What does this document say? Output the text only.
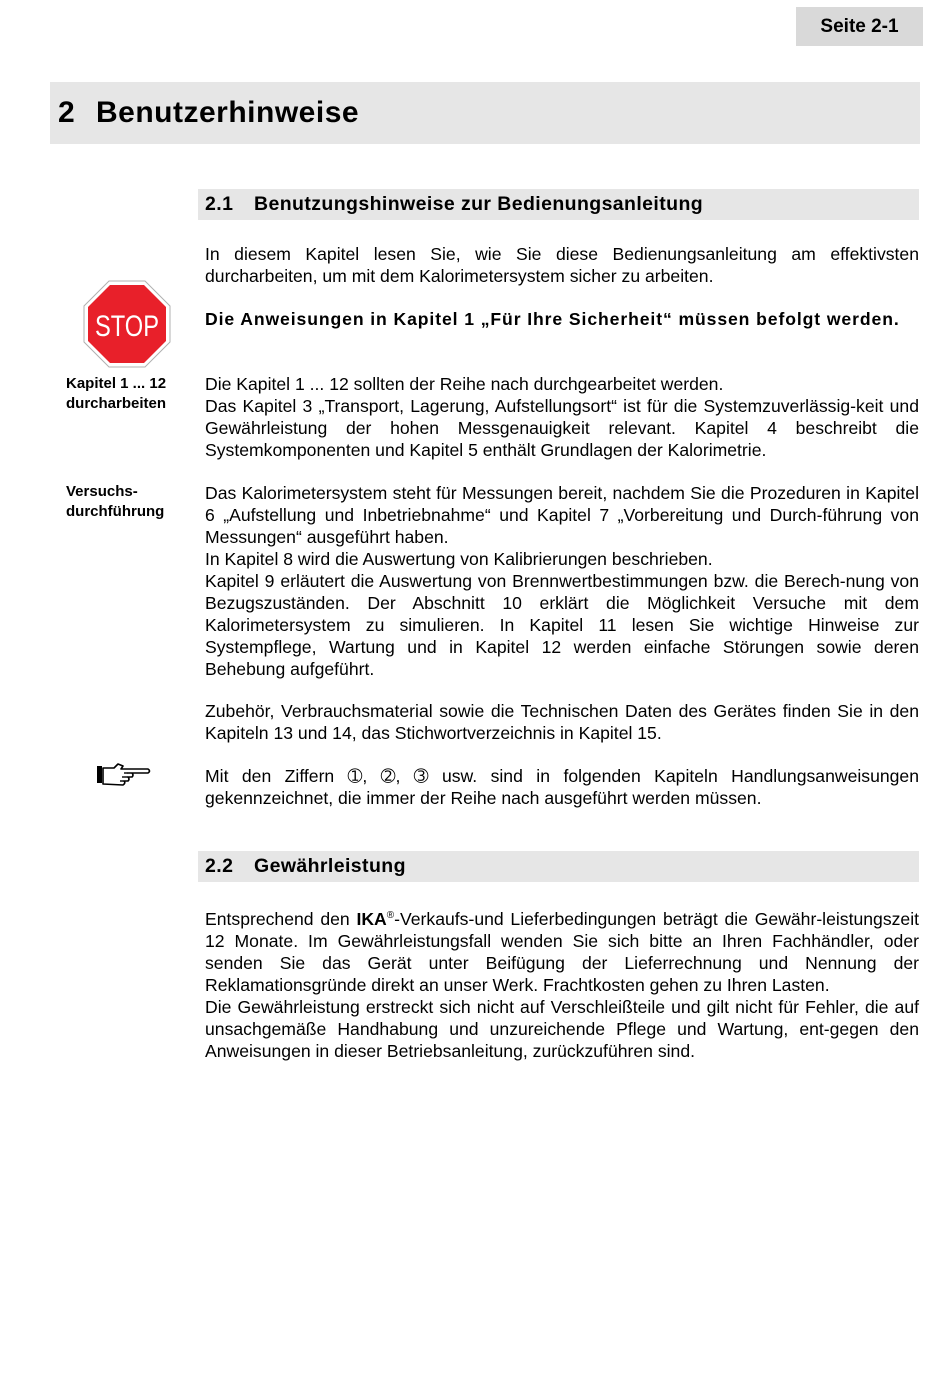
Seite 2-1
2 Benutzerhinweise
2.1	Benutzungshinweise zur Bedienungsanleitung

In diesem Kapitel lesen Sie, wie Sie diese Bedienungsanleitung am effektivsten durcharbeiten, um mit dem Kalorimetersystem sicher zu arbeiten.

STOP	Die Anweisungen in Kapitel 1 „Für Ihre Sicherheit“ müssen befolgt werden.

Kapitel 1 ... 12 durcharbeiten

Die Kapitel 1 ... 12 sollten der Reihe nach durchgearbeitet werden.

Das Kapitel 3 „Transport, Lagerung, Aufstellungsort“ ist für die Systemzuverlässig-keit und Gewährleistung der hohen Messgenauigkeit relevant. Kapitel 4 beschreibt die Systemkomponenten und Kapitel 5 enthält Grundlagen der Kalorimetrie.

Versuchs-durchführung

Das Kalorimetersystem steht für Messungen bereit, nachdem Sie die Prozeduren in Kapitel 6 „Aufstellung und Inbetriebnahme“ und Kapitel 7 „Vorbereitung und Durch-führung von Messungen“ ausgeführt haben.

In Kapitel 8 wird die Auswertung von Kalibrierungen beschrieben.

Kapitel 9 erläutert die Auswertung von Brennwertbestimmungen bzw. die Berech-nung von Bezugszuständen. Der Abschnitt 10 erklärt die Möglichkeit Versuche mit dem Kalorimetersystem zu simulieren. In Kapitel 11 lesen Sie wichtige Hinweise zur Systempflege, Wartung und in Kapitel 12 werden einfache Störungen sowie deren Behebung aufgeführt.

Zubehör, Verbrauchsmaterial sowie die Technischen Daten des Gerätes finden Sie in den Kapiteln 13 und 14, das Stichwortverzeichnis in Kapitel 15.

Mit den Ziffern ➀, ➁, ➂ usw. sind in folgenden Kapiteln Handlungsanweisungen gekennzeichnet, die immer der Reihe nach ausgeführt werden müssen.

2.2	Gewährleistung

Entsprechend den IKA®-Verkaufs-und Lieferbedingungen beträgt die Gewähr-leistungszeit 12 Monate. Im Gewährleistungsfall wenden Sie sich bitte an Ihren Fachhändler, oder senden Sie das Gerät unter Beifügung der Lieferrechnung und Nennung der Reklamationsgründe direkt an unser Werk. Frachtkosten gehen zu Ihren Lasten.

Die Gewährleistung erstreckt sich nicht auf Verschleißteile und gilt nicht für Fehler, die auf unsachgemäße Handhabung und unzureichende Pflege und Wartung, ent-gegen den Anweisungen in dieser Betriebsanleitung, zurückzuführen sind.
